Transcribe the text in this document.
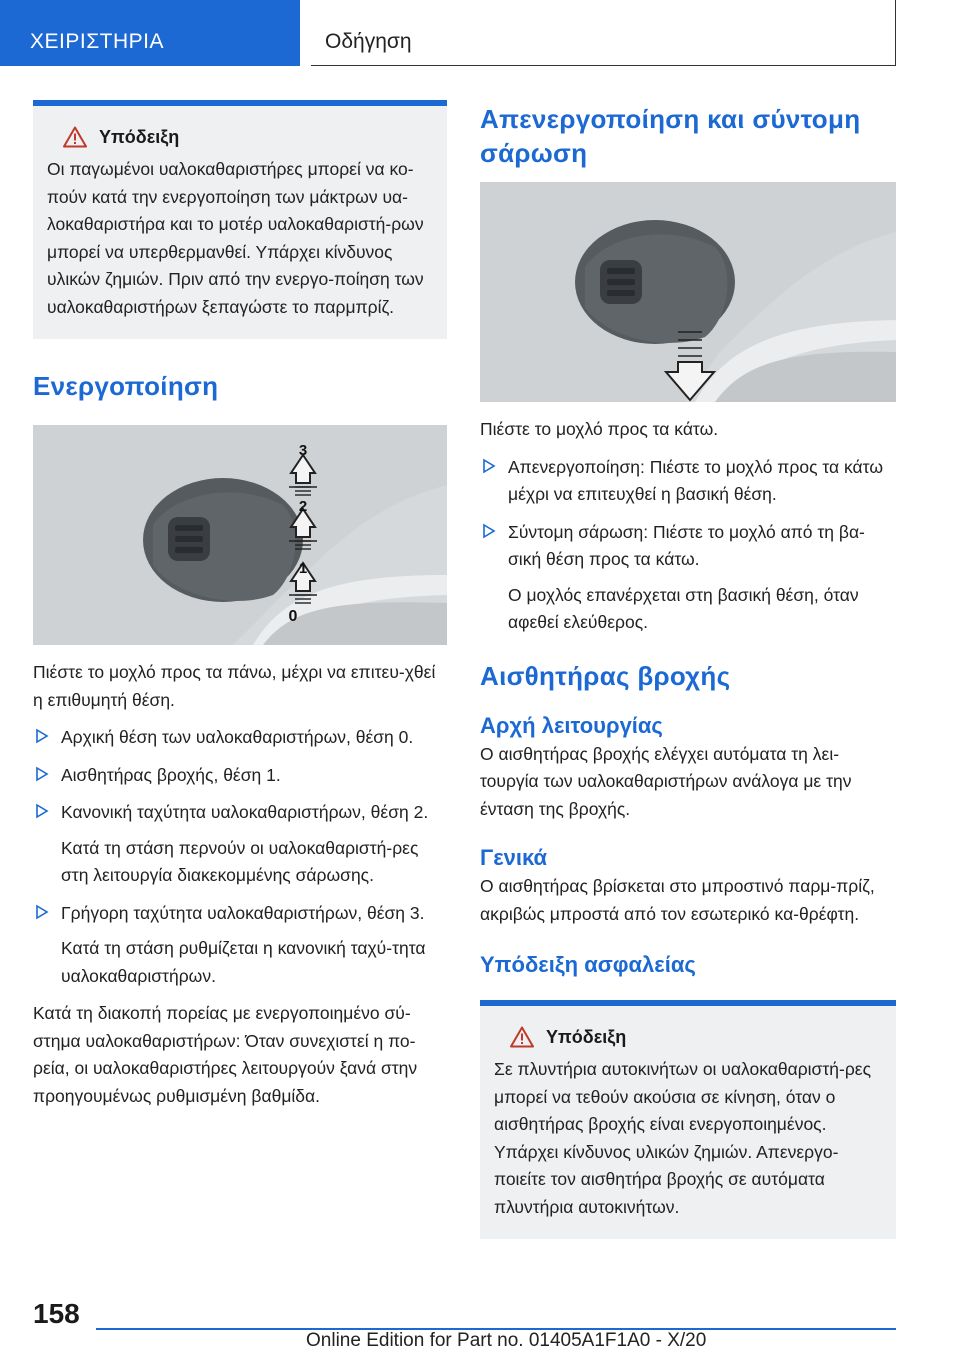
ΧΕΙΡΙΣΤΗΡΙΑ	Οδήγηση
Υπόδειξη

Οι παγωμένοι υαλοκαθαριστήρες μπορεί να κο-πούν κατά την ενεργοποίηση των μάκτρων υα-λοκαθαριστήρα και το μοτέρ υαλοκαθαριστή-ρων μπορεί να υπερθερμανθεί. Υπάρχει κίνδυνος υλικών ζημιών. Πριν από την ενεργο-ποίηση των υαλοκαθαριστήρων ξεπαγώστε το παρμπρίζ.

Ενεργοποίηση
3
2
1
0

Πιέστε το μοχλό προς τα πάνω, μέχρι να επιτευ-χθεί η επιθυμητή θέση.

Αρχική θέση των υαλοκαθαριστήρων, θέση 0.
Αισθητήρας βροχής, θέση 1.
Κανονική ταχύτητα υαλοκαθαριστήρων, θέση 2.

Κατά τη στάση περνούν οι υαλοκαθαριστή-ρες στη λειτουργία διακεκομμένης σάρωσης.

Γρήγορη ταχύτητα υαλοκαθαριστήρων, θέση 3.

Κατά τη στάση ρυθμίζεται η κανονική ταχύ-τητα υαλοκαθαριστήρων.

Κατά τη διακοπή πορείας με ενεργοποιημένο σύ-στημα υαλοκαθαριστήρων: Όταν συνεχιστεί η πο-ρεία, οι υαλοκαθαριστήρες λειτουργούν ξανά στην προηγουμένως ρυθμισμένη βαθμίδα.

Απενεργοποίηση και σύντομη σάρωση

Πιέστε το μοχλό προς τα κάτω.

Απενεργοποίηση: Πιέστε το μοχλό προς τα κάτω μέχρι να επιτευχθεί η βασική θέση.
Σύντομη σάρωση: Πιέστε το μοχλό από τη βα-σική θέση προς τα κάτω.

Ο μοχλός επανέρχεται στη βασική θέση, όταν αφεθεί ελεύθερος.

Αισθητήρας βροχής
Αρχή λειτουργίας

Ο αισθητήρας βροχής ελέγχει αυτόματα τη λει-τουργία των υαλοκαθαριστήρων ανάλογα με την ένταση της βροχής.

Γενικά

Ο αισθητήρας βρίσκεται στο μπροστινό παρμ-πρίζ, ακριβώς μπροστά από τον εσωτερικό κα-θρέφτη.

Υπόδειξη ασφαλείας
Υπόδειξη

Σε πλυντήρια αυτοκινήτων οι υαλοκαθαριστή-ρες μπορεί να τεθούν ακούσια σε κίνηση, όταν ο αισθητήρας βροχής είναι ενεργοποιημένος. Υπάρχει κίνδυνος υλικών ζημιών. Απενεργο-ποιείτε τον αισθητήρα βροχής σε αυτόματα πλυντήρια αυτοκινήτων.

158
Online Edition for Part no. 01405A1F1A0 - X/20
